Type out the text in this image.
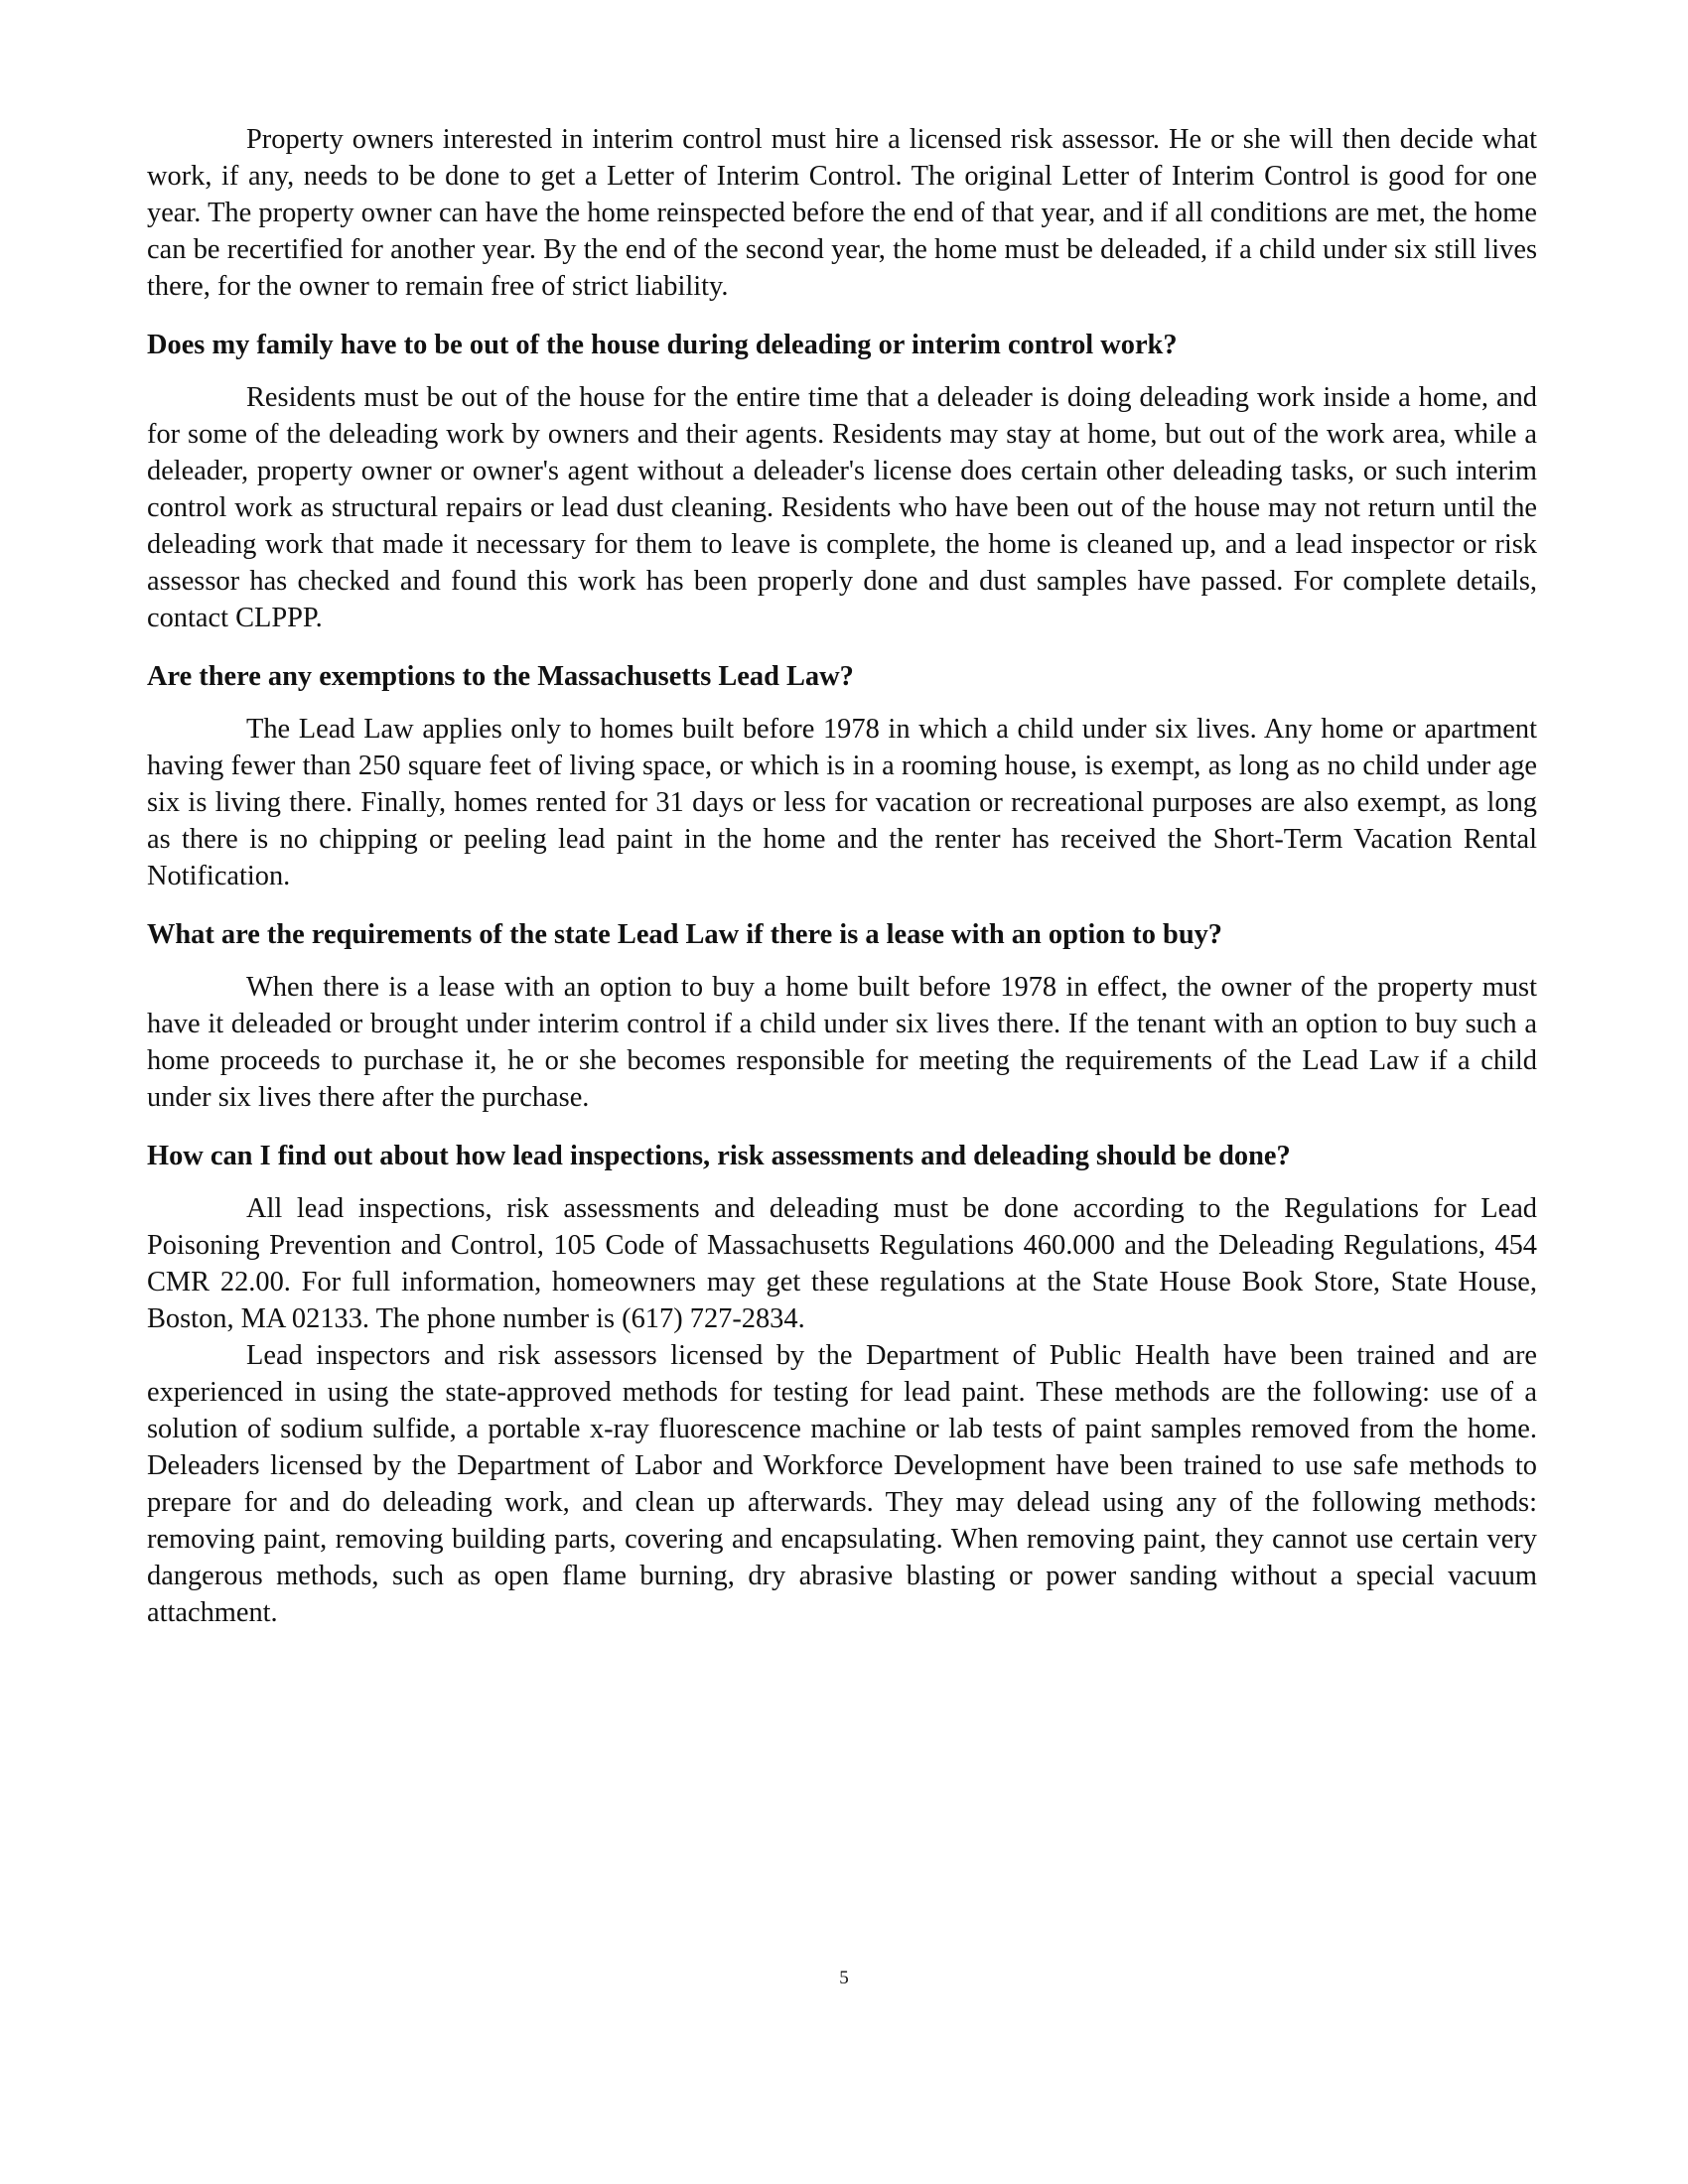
Property owners interested in interim control must hire a licensed risk assessor. He or she will then decide what work, if any, needs to be done to get a Letter of Interim Control. The original Letter of Interim Control is good for one year. The property owner can have the home reinspected before the end of that year, and if all conditions are met, the home can be recertified for another year. By the end of the second year, the home must be deleaded, if a child under six still lives there, for the owner to remain free of strict liability.

Does my family have to be out of the house during deleading or interim control work?

Residents must be out of the house for the entire time that a deleader is doing deleading work inside a home, and for some of the deleading work by owners and their agents. Residents may stay at home, but out of the work area, while a deleader, property owner or owner's agent without a deleader's license does certain other deleading tasks, or such interim control work as structural repairs or lead dust cleaning. Residents who have been out of the house may not return until the deleading work that made it necessary for them to leave is complete, the home is cleaned up, and a lead inspector or risk assessor has checked and found this work has been properly done and dust samples have passed. For complete details, contact CLPPP.

Are there any exemptions to the Massachusetts Lead Law?

The Lead Law applies only to homes built before 1978 in which a child under six lives. Any home or apartment having fewer than 250 square feet of living space, or which is in a rooming house, is exempt, as long as no child under age six is living there. Finally, homes rented for 31 days or less for vacation or recreational purposes are also exempt, as long as there is no chipping or peeling lead paint in the home and the renter has received the Short-Term Vacation Rental Notification.

What are the requirements of the state Lead Law if there is a lease with an option to buy?

When there is a lease with an option to buy a home built before 1978 in effect, the owner of the property must have it deleaded or brought under interim control if a child under six lives there. If the tenant with an option to buy such a home proceeds to purchase it, he or she becomes responsible for meeting the requirements of the Lead Law if a child under six lives there after the purchase.

How can I find out about how lead inspections, risk assessments and deleading should be done?

All lead inspections, risk assessments and deleading must be done according to the Regulations for Lead Poisoning Prevention and Control, 105 Code of Massachusetts Regulations 460.000 and the Deleading Regulations, 454 CMR 22.00. For full information, homeowners may get these regulations at the State House Book Store, State House, Boston, MA 02133. The phone number is (617) 727-2834.

Lead inspectors and risk assessors licensed by the Department of Public Health have been trained and are experienced in using the state-approved methods for testing for lead paint. These methods are the following: use of a solution of sodium sulfide, a portable x-ray fluorescence machine or lab tests of paint samples removed from the home. Deleaders licensed by the Department of Labor and Workforce Development have been trained to use safe methods to prepare for and do deleading work, and clean up afterwards. They may delead using any of the following methods: removing paint, removing building parts, covering and encapsulating. When removing paint, they cannot use certain very dangerous methods, such as open flame burning, dry abrasive blasting or power sanding without a special vacuum attachment.

5
